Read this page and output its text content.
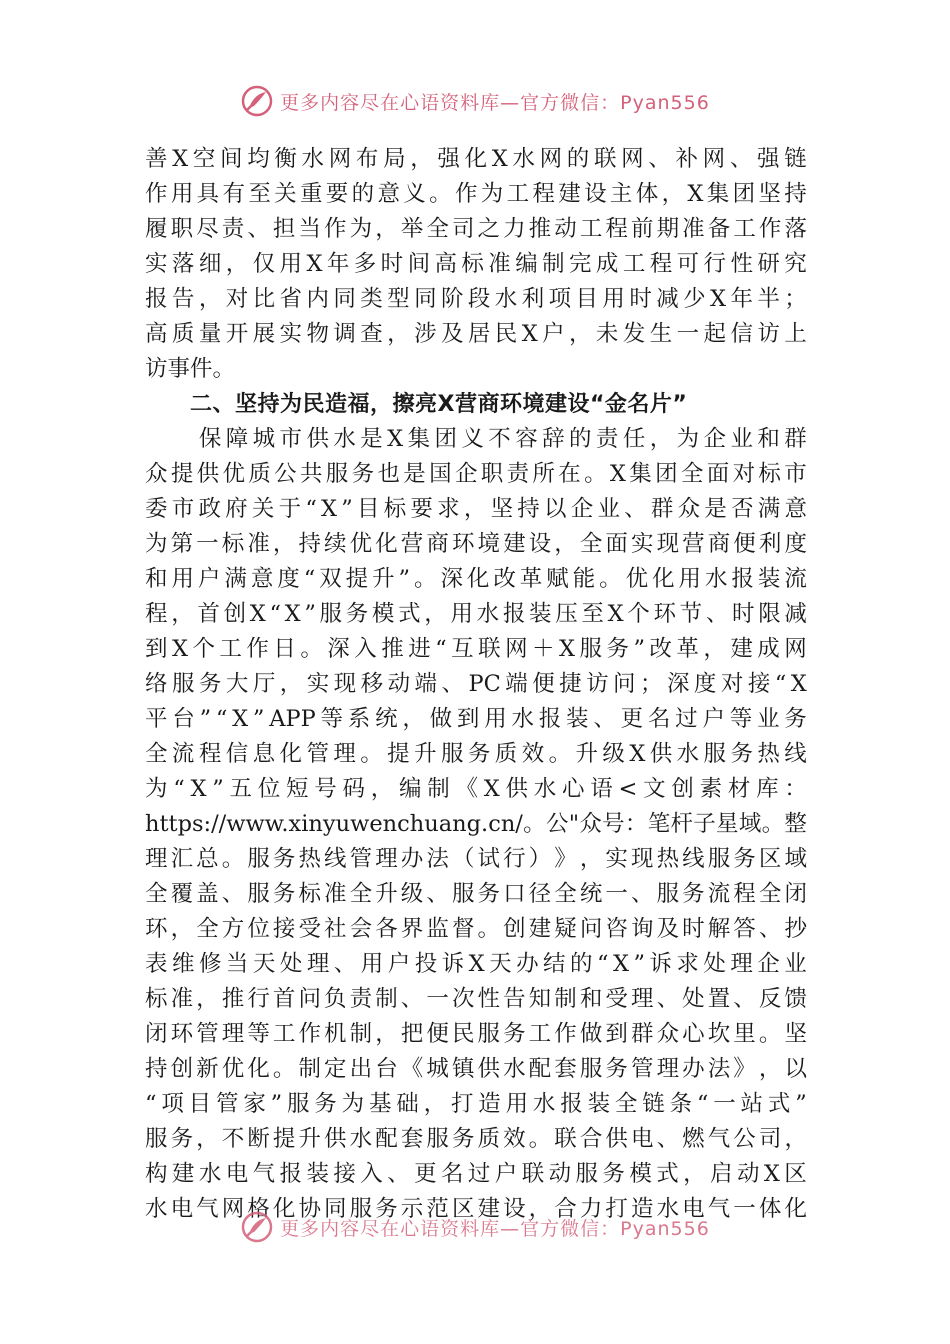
更多内容尽在心语资料库—官方微信：Pyan556
善 X 空 间 均 衡 水 网 布 局 ， 强 化 X 水 网 的 联 网 、 补 网 、 强 链
作 用 具 有 至 关 重 要 的 意 义 。 作 为 工 程 建 设 主 体 ， X 集 团 坚 持
履 职 尽 责 、 担 当 作 为 ， 举 全 司 之 力 推 动 工 程 前 期 准 备 工 作 落
实 落 细 ， 仅 用 X 年 多 时 间 高 标 准 编 制 完 成 工 程 可 行 性 研 究
报 告 ， 对 比 省 内 同 类 型 同 阶 段 水 利 项 目 用 时 减 少 X 年 半 ；
高 质 量 开 展 实 物 调 查 ， 涉 及 居 民 X 户 ， 未 发 生 一 起 信 访 上
访事件。
二、坚持为民造福，擦亮X营商环境建设“金名片”

保 障 城 市 供 水 是 X 集 团 义 不 容 辞 的 责 任 ， 为 企 业 和 群
众 提 供 优 质 公 共 服 务 也 是 国 企 职 责 所 在 。 X 集 团 全 面 对 标 市
委 市 政 府 关 于 “ X ” 目 标 要 求 ， 坚 持 以 企 业 、 群 众 是 否 满 意
为 第 一 标 准 ， 持 续 优 化 营 商 环 境 建 设 ， 全 面 实 现 营 商 便 利 度
和 用 户 满 意 度 “ 双 提 升 ” 。 深 化 改 革 赋 能 。 优 化 用 水 报 装 流
程 ， 首 创 X “ X ” 服 务 模 式 ， 用 水 报 装 压 至 X 个 环 节 、 时 限 减
到 X 个 工 作 日 。 深 入 推 进 “ 互 联 网 ＋ X 服 务 ” 改 革 ， 建 成 网
络 服 务 大 厅 ， 实 现 移 动 端 、 PC 端 便 捷 访 问 ； 深 度 对 接 “ X
平 台 ” “ X ” APP 等 系 统 ， 做 到 用 水 报 装 、 更 名 过 户 等 业 务
全 流 程 信 息 化 管 理 。 提 升 服 务 质 效 。 升 级 X 供 水 服 务 热 线
为 “ X ” 五 位 短 号 码 ， 编 制 《 X 供 水 心 语 < 文 创 素 材 库 ：
https://www.xinyuwenchuang.cn/ 。 公 " 众 号 ： 笔 杆 子 星 域 。 整
理 汇 总 。 服 务 热 线 管 理 办 法 （ 试 行 ） 》 ， 实 现 热 线 服 务 区 域
全 覆 盖 、 服 务 标 准 全 升 级 、 服 务 口 径 全 统 一 、 服 务 流 程 全 闭
环 ， 全 方 位 接 受 社 会 各 界 监 督 。 创 建 疑 问 咨 询 及 时 解 答 、 抄
表 维 修 当 天 处 理 、 用 户 投 诉 X 天 办 结 的 “ X ” 诉 求 处 理 企 业
标 准 ， 推 行 首 问 负 责 制 、 一 次 性 告 知 制 和 受 理 、 处 置 、 反 馈
闭 环 管 理 等 工 作 机 制 ， 把 便 民 服 务 工 作 做 到 群 众 心 坎 里 。 坚
持 创 新 优 化 。 制 定 出 台 《 城 镇 供 水 配 套 服 务 管 理 办 法 》 ， 以
“ 项 目 管 家 ” 服 务 为 基 础 ， 打 造 用 水 报 装 全 链 条 “ 一 站 式 ”
服 务 ， 不 断 提 升 供 水 配 套 服 务 质 效 。 联 合 供 电 、 燃 气 公 司 ，
构 建 水 电 气 报 装 接 入 、 更 名 过 户 联 动 服 务 模 式 ， 启 动 X 区
水 电 气 网 格 化 协 同 服 务 示 范 区 建 设 ， 合 力 打 造 水 电 气 一 体 化
更多内容尽在心语资料库—官方微信：Pyan556
